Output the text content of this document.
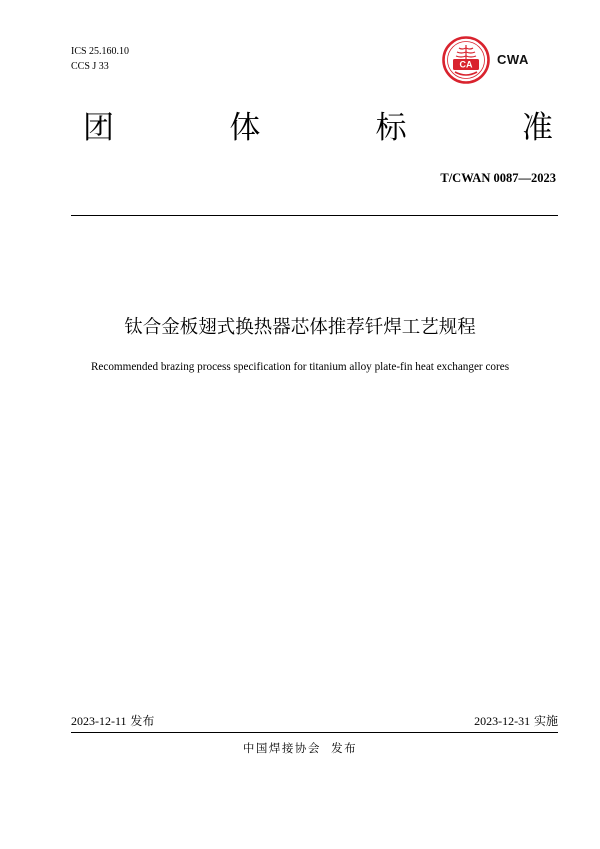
ICS 25.160.10
CCS J 33	CA CWA
团	体	标	准
T/CWAN 0087—2023
钛合金板翅式换热器芯体推荐钎焊工艺规程
Recommended brazing process specification for titanium alloy plate-fin heat exchanger cores
2023-12-11 发布	2023-12-31 实施
中国焊接协会  发布
